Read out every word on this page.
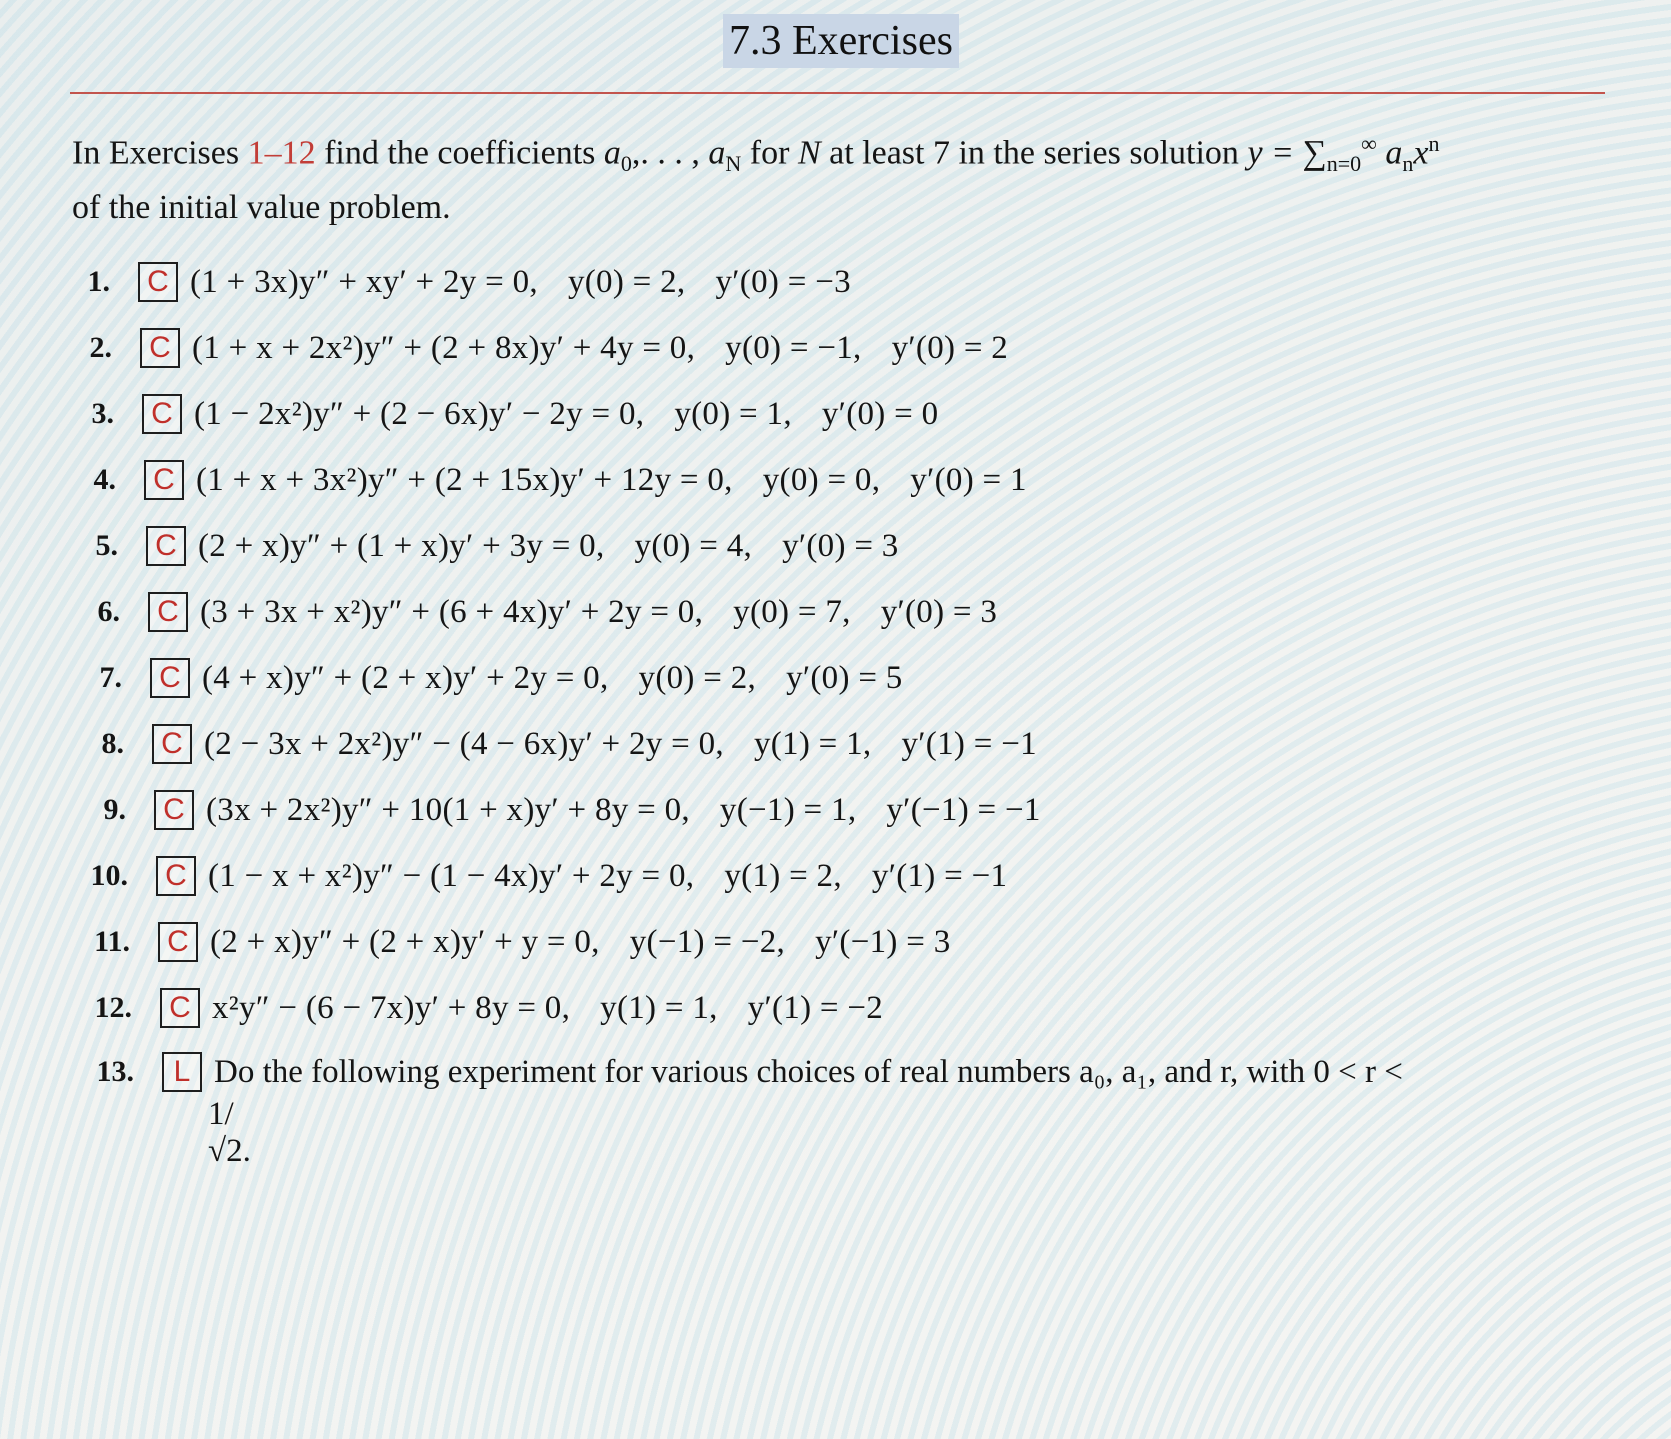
7.3 Exercises
In Exercises 1–12 find the coefficients $a_0$,. . . , $a_N$ for N at least 7 in the series solution $y = \sum_{n=0}^\infty$ $a_nx^n$
of the initial value problem.
1.	C (1 + 3x)y″ + xy′ + 2y = 0, y(0) = 2, y′(0) = −3
2.	C (1 + x + 2x²)y″ + (2 + 8x)y′ + 4y = 0, y(0) = −1, y′(0) = 2
3.	C (1 − 2x²)y″ + (2 − 6x)y′ − 2y = 0, y(0) = 1, y′(0) = 0
4.	C (1 + x + 3x²)y″ + (2 + 15x)y′ + 12y = 0, y(0) = 0, y′(0) = 1
5.	C (2 + x)y″ + (1 + x)y′ + 3y = 0, y(0) = 4, y′(0) = 3
6.	C (3 + 3x + x²)y″ + (6 + 4x)y′ + 2y = 0, y(0) = 7, y′(0) = 3
7.	C (4 + x)y″ + (2 + x)y′ + 2y = 0, y(0) = 2, y′(0) = 5
8.	C (2 − 3x + 2x²)y″ − (4 − 6x)y′ + 2y = 0, y(1) = 1, y′(1) = −1
9.	C (3x + 2x²)y″ + 10(1 + x)y′ + 8y = 0, y(−1) = 1, y′(−1) = −1
10.	C (1 − x + x²)y″ − (1 − 4x)y′ + 2y = 0, y(1) = 2, y′(1) = −1
11.	C (2 + x)y″ + (2 + x)y′ + y = 0, y(−1) = −2, y′(−1) = 3
12.	C x²y″ − (6 − 7x)y′ + 8y = 0, y(1) = 1, y′(1) = −2
13.	L Do the following experiment for various choices of real numbers a₀, a₁, and r, with 0 < r <
1/√2.
